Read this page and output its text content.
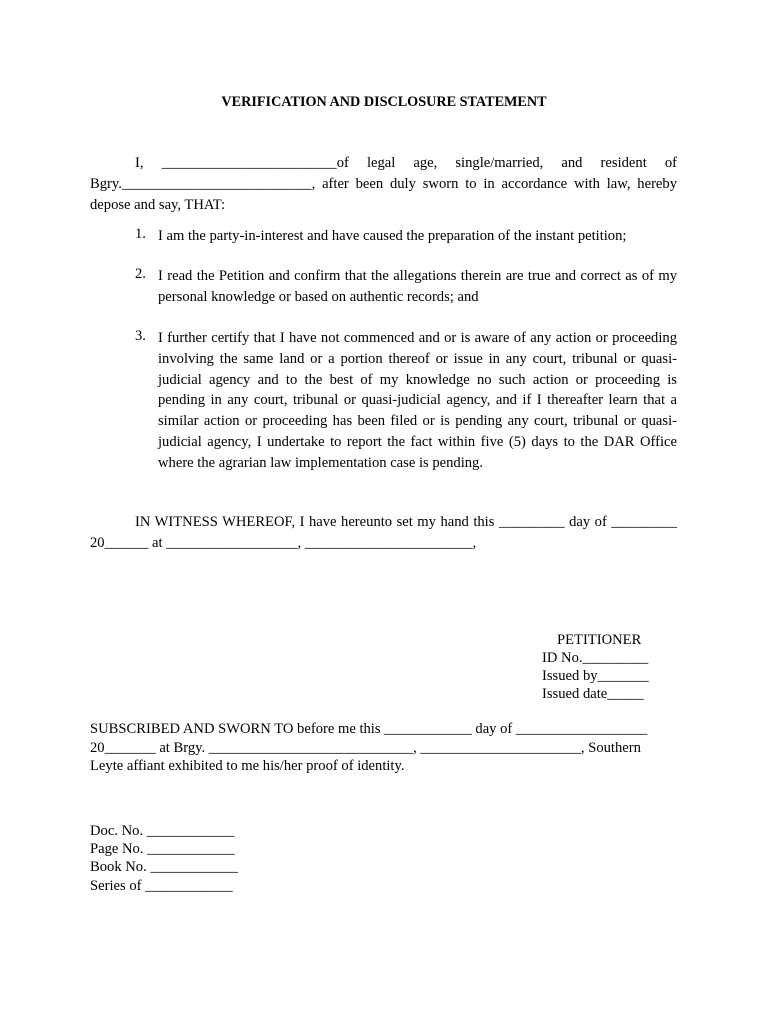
VERIFICATION AND DISCLOSURE STATEMENT
I, ________________________of legal age, single/married, and resident of Bgry.__________________________, after been duly sworn to in accordance with law, hereby depose and say, THAT:
1. I am the party-in-interest and have caused the preparation of the instant petition;
2. I read the Petition and confirm that the allegations therein are true and correct as of my personal knowledge or based on authentic records; and
3. I further certify that I have not commenced and or is aware of any action or proceeding involving the same land or a portion thereof or issue in any court, tribunal or quasi-judicial agency and to the best of my knowledge no such action or proceeding is pending in any court, tribunal or quasi-judicial agency, and if I thereafter learn that a similar action or proceeding has been filed or is pending any court, tribunal or quasi-judicial agency, I undertake to report the fact within five (5) days to the DAR Office where the agrarian law implementation case is pending.
IN WITNESS WHEREOF, I have hereunto set my hand this _________ day of _________ 20______ at __________________, _______________________,
PETITIONER
ID No._________
Issued by_______
Issued date_____
SUBSCRIBED AND SWORN TO before me this ____________ day of __________________
20_______ at Brgy. ____________________________, ______________________, Southern
Leyte affiant exhibited to me his/her proof of identity.
Doc. No. ____________
Page No. ____________
Book No. ____________
Series of ____________
